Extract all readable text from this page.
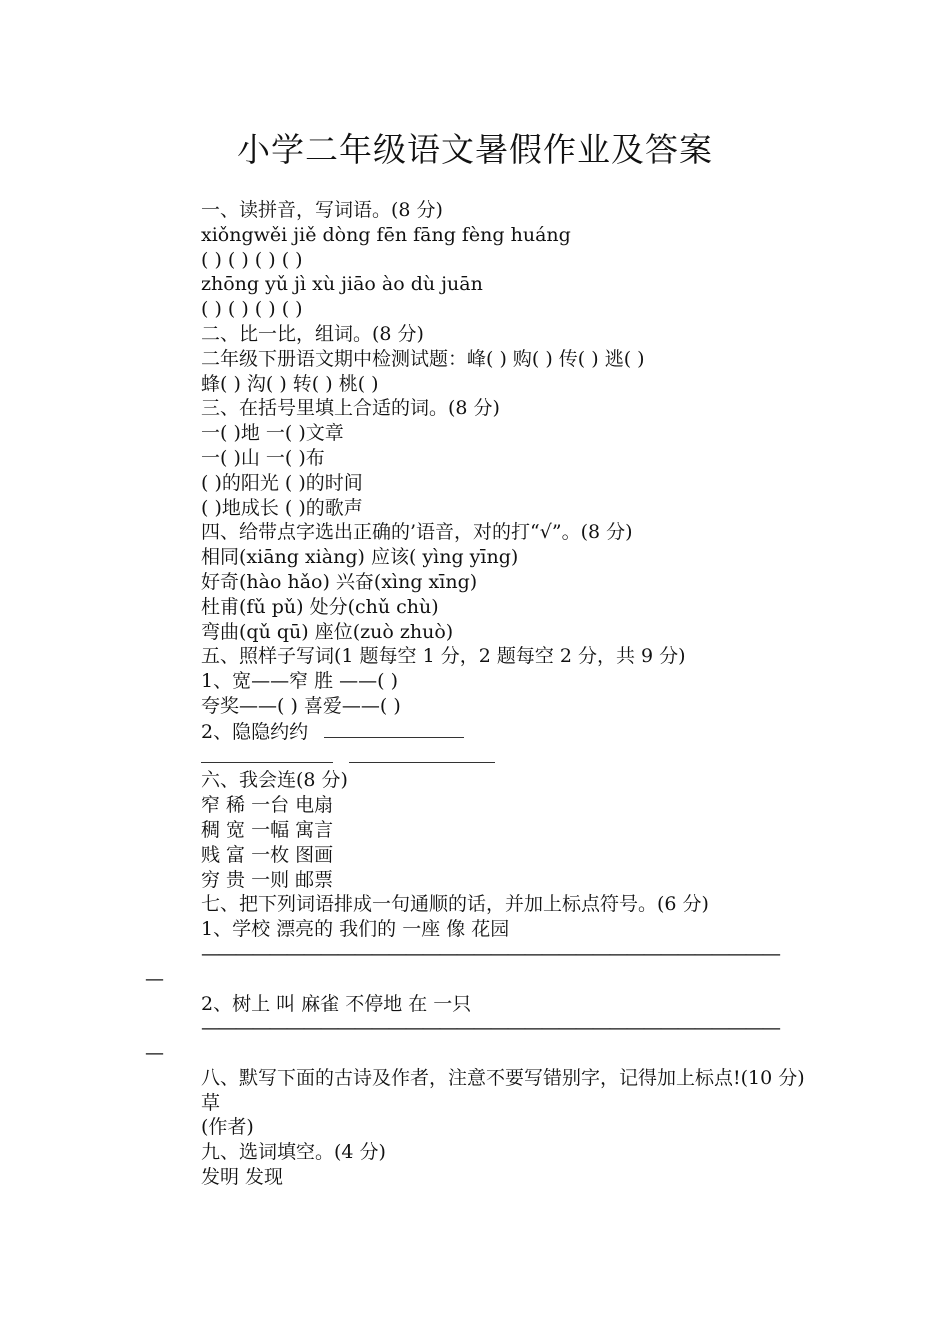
小学二年级语文暑假作业及答案
一、读拼音，写词语。(8 分)
xiǒngwěi jiě dòng fēn fāng fèng huáng
( ) ( ) ( ) ( )
zhōng yǔ jì xù jiāo ào dù juān
( ) ( ) ( ) ( )
二、比一比，组词。(8 分)
二年级下册语文期中检测试题：峰( ) 购( ) 传( ) 逃( )
蜂( ) 沟( ) 转( ) 桃( )
三、在括号里填上合适的词。(8 分)
一( )地 一( )文章
一( )山 一( )布
( )的阳光 ( )的时间
( )地成长 ( )的歌声
四、给带点字选出正确的’语音，对的打“√”。(8 分)
相同(xiāng xiàng) 应该( yìng yīng)
好奇(hào hǎo) 兴奋(xìng xīng)
杜甫(fǔ pǔ) 处分(chǔ chù)
弯曲(qǔ qū) 座位(zuò zhuò)
五、照样子写词(1 题每空 1 分，2 题每空 2 分，共 9 分)
1、宽——窄 胜 ——( )
夸奖——( ) 喜爱——( )
2、隐隐约约

六、我会连(8 分)
窄 稀 一台 电扇
稠 宽 一幅 寓言
贱 富 一枚 图画
穷 贵 一则 邮票
七、把下列词语排成一句通顺的话，并加上标点符号。(6 分)
1、学校 漂亮的 我们的 一座 像 花园
——————————————————————————————————
—
2、树上 叫 麻雀 不停地 在 一只
——————————————————————————————————
—
八、默写下面的古诗及作者，注意不要写错别字，记得加上标点!(10 分)
草
(作者)
九、选词填空。(4 分)
发明 发现
